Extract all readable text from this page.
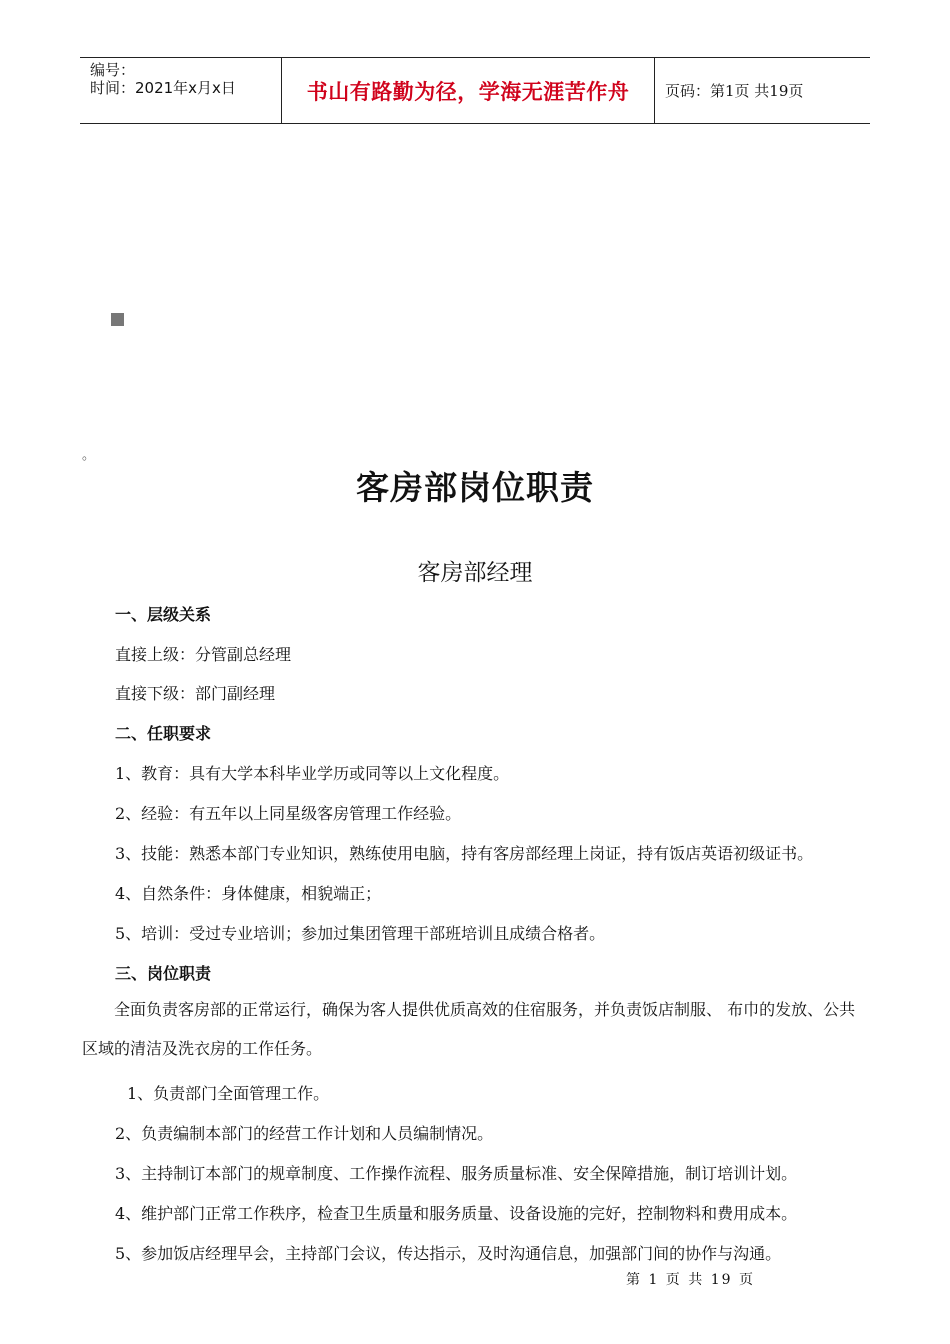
编号：
时间：2021年x月x日	书山有路勤为径，学海无涯苦作舟	页码：第1页 共19页
。
客房部岗位职责
客房部经理
一、层级关系
直接上级：分管副总经理
直接下级：部门副经理
二、任职要求
1、教育：具有大学本科毕业学历或同等以上文化程度。
2、经验：有五年以上同星级客房管理工作经验。
3、技能：熟悉本部门专业知识，熟练使用电脑，持有客房部经理上岗证，持有饭店英语初级证书。
4、自然条件：身体健康，相貌端正；
5、培训：受过专业培训；参加过集团管理干部班培训且成绩合格者。
三、岗位职责
全面负责客房部的正常运行，确保为客人提供优质高效的住宿服务，并负责饭店制服、 布巾的发放、公共区域的清洁及洗衣房的工作任务。
1、负责部门全面管理工作。
2、负责编制本部门的经营工作计划和人员编制情况。
3、主持制订本部门的规章制度、工作操作流程、服务质量标准、安全保障措施，制订培训计划。
4、维护部门正常工作秩序，检查卫生质量和服务质量、设备设施的完好，控制物料和费用成本。
5、参加饭店经理早会，主持部门会议，传达指示，及时沟通信息，加强部门间的协作与沟通。
第 1 页 共 19 页
